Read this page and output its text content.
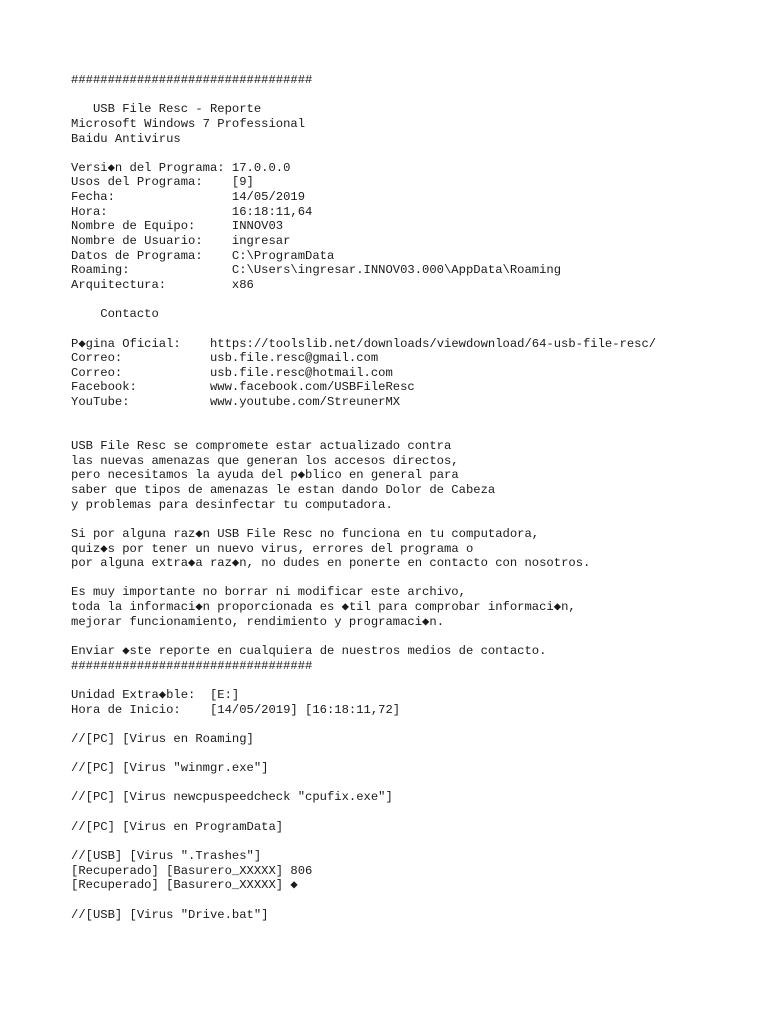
#################################
USB File Resc - Reporte
Microsoft Windows 7 Professional
Baidu Antivirus
Versi◆n del Programa: 17.0.0.0
Usos del Programa:    [9]
Fecha:                14/05/2019
Hora:                 16:18:11,64
Nombre de Equipo:     INNOV03
Nombre de Usuario:    ingresar
Datos de Programa:    C:\ProgramData
Roaming:              C:\Users\ingresar.INNOV03.000\AppData\Roaming
Arquitectura:         x86
Contacto
P◆gina Oficial:    https://toolslib.net/downloads/viewdownload/64-usb-file-resc/
Correo:            usb.file.resc@gmail.com
Correo:            usb.file.resc@hotmail.com
Facebook:          www.facebook.com/USBFileResc
YouTube:           www.youtube.com/StreunerMX
USB File Resc se compromete estar actualizado contra
las nuevas amenazas que generan los accesos directos,
pero necesitamos la ayuda del p◆blico en general para
saber que tipos de amenazas le estan dando Dolor de Cabeza
y problemas para desinfectar tu computadora.
Si por alguna raz◆n USB File Resc no funciona en tu computadora,
quiz◆s por tener un nuevo virus, errores del programa o
por alguna extra◆a raz◆n, no dudes en ponerte en contacto con nosotros.
Es muy importante no borrar ni modificar este archivo,
toda la informaci◆n proporcionada es ◆til para comprobar informaci◆n,
mejorar funcionamiento, rendimiento y programaci◆n.
Enviar ◆ste reporte en cualquiera de nuestros medios de contacto.
#################################
Unidad Extra◆ble:  [E:]
Hora de Inicio:    [14/05/2019] [16:18:11,72]
//[PC] [Virus en Roaming]
//[PC] [Virus "winmgr.exe"]
//[PC] [Virus newcpuspeedcheck "cpufix.exe"]
//[PC] [Virus en ProgramData]
//[USB] [Virus ".Trashes"]
[Recuperado] [Basurero_XXXXX] 806
[Recuperado] [Basurero_XXXXX] ◆
//[USB] [Virus "Drive.bat"]
